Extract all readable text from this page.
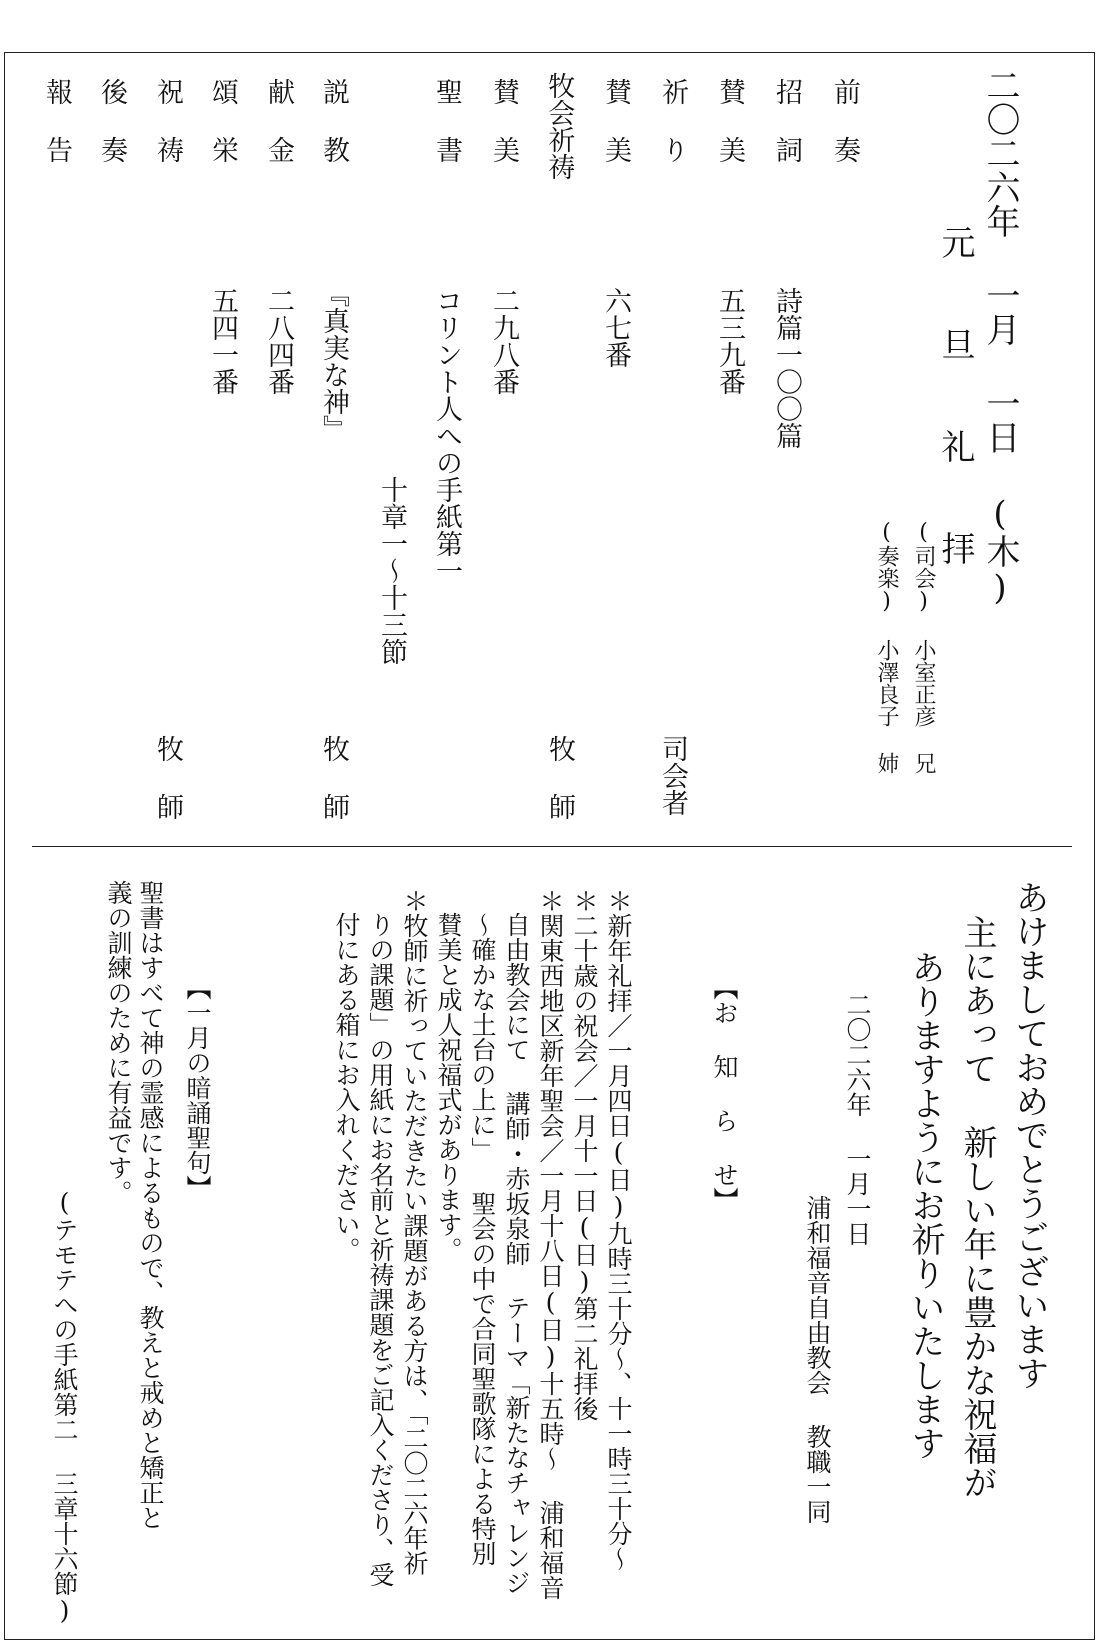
二〇二六年 一月 一日 (木)
元 旦 礼 拝
(司会) 小室正彦 兄
(奏楽) 小澤良子 姉
前 奏
招 詞
詩篇一〇〇篇
賛 美
五三九番
祈 り
司会者
賛 美
六七番
牧会祈祷
牧 師
賛 美
二九八番
聖 書
コリント人への手紙第一
十章一～十三節
説 教
『真実な神』
牧 師
献 金
二八四番
頌 栄
五四一番
祝 祷
牧 師
後 奏
報 告
あけましておめでとうございます
主にあって 新しい年に豊かな祝福が
ありますようにお祈りいたします
二〇二六年 一月一日
浦和福音自由教会 教職一同
【お 知 ら せ】
＊新年礼拝／一月四日(日)九時三十分～、十一時三十分～
＊二十歳の祝会／一月十一日(日)第二礼拝後
＊関東西地区新年聖会／一月十八日(日)十五時～ 浦和福音
自由教会にて 講師・赤坂泉師 テーマ「新たなチャレンジ
～確かな土台の上に」 聖会の中で合同聖歌隊による特別
賛美と成人祝福式があります。
＊牧師に祈っていただきたい課題がある方は、「二〇二六年祈
りの課題」の用紙にお名前と祈祷課題をご記入くださり、受
付にある箱にお入れください。
【一月の暗誦聖句】
聖書はすべて神の霊感によるもので、教えと戒めと矯正と
義の訓練のために有益です。
(テモテへの手紙第二 三章十六節)
